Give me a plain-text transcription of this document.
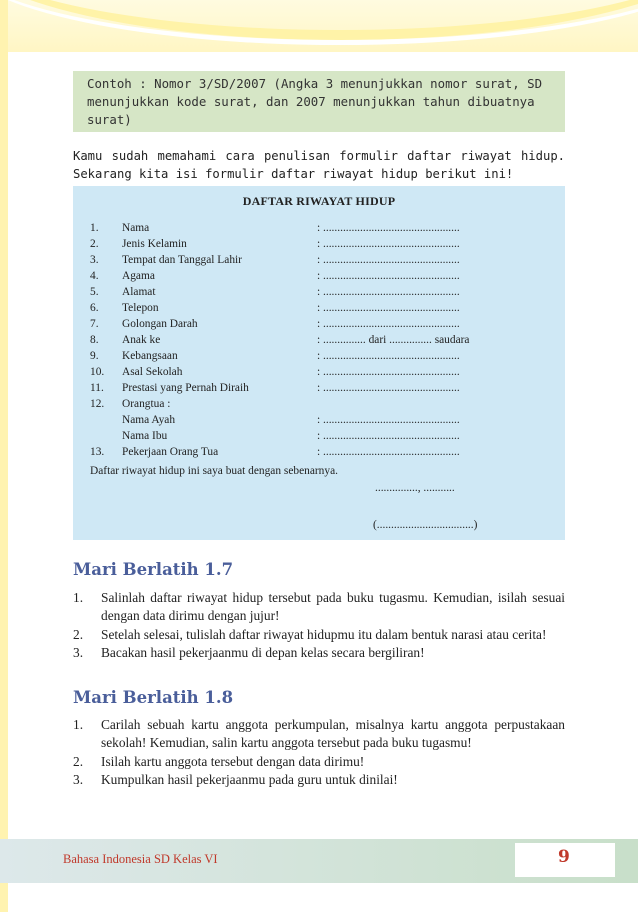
Contoh : Nomor 3/SD/2007 (Angka 3 menunjukkan nomor surat, SD menunjukkan kode surat, dan 2007 menunjukkan tahun dibuatnya surat)

Kamu sudah memahami cara penulisan formulir daftar riwayat hidup. Sekarang kita isi formulir daftar riwayat hidup berikut ini!

DAFTAR RIWAYAT HIDUP
1. Nama	: ................................................
2. Jenis Kelamin	: ................................................
3. Tempat dan Tanggal Lahir	: ................................................
4. Agama	: ................................................
5. Alamat	: ................................................
6. Telepon	: ................................................
7. Golongan Darah	: ................................................
8. Anak ke	: ............... dari ............... saudara
9. Kebangsaan	: ................................................
10. Asal Sekolah	: ................................................
11. Prestasi yang Pernah Diraih	: ................................................
12. Orangtua :
Nama Ayah	: ................................................
Nama Ibu	: ................................................
13. Pekerjaan Orang Tua	: ................................................
Daftar riwayat hidup ini saya buat dengan sebenarnya.
..............., ...........
(..................................)
Mari Berlatih 1.7
1. Salinlah daftar riwayat hidup tersebut pada buku tugasmu. Kemudian, isilah sesuai dengan data dirimu dengan jujur!
2. Setelah selesai, tulislah daftar riwayat hidupmu itu dalam bentuk narasi atau cerita!
3. Bacakan hasil pekerjaanmu di depan kelas secara bergiliran!
Mari Berlatih 1.8
1. Carilah sebuah kartu anggota perkumpulan, misalnya kartu anggota perpustakaan sekolah! Kemudian, salin kartu anggota tersebut pada buku tugasmu!
2. Isilah kartu anggota tersebut dengan data dirimu!
3. Kumpulkan hasil pekerjaanmu pada guru untuk dinilai!
Bahasa Indonesia SD Kelas VI	9
